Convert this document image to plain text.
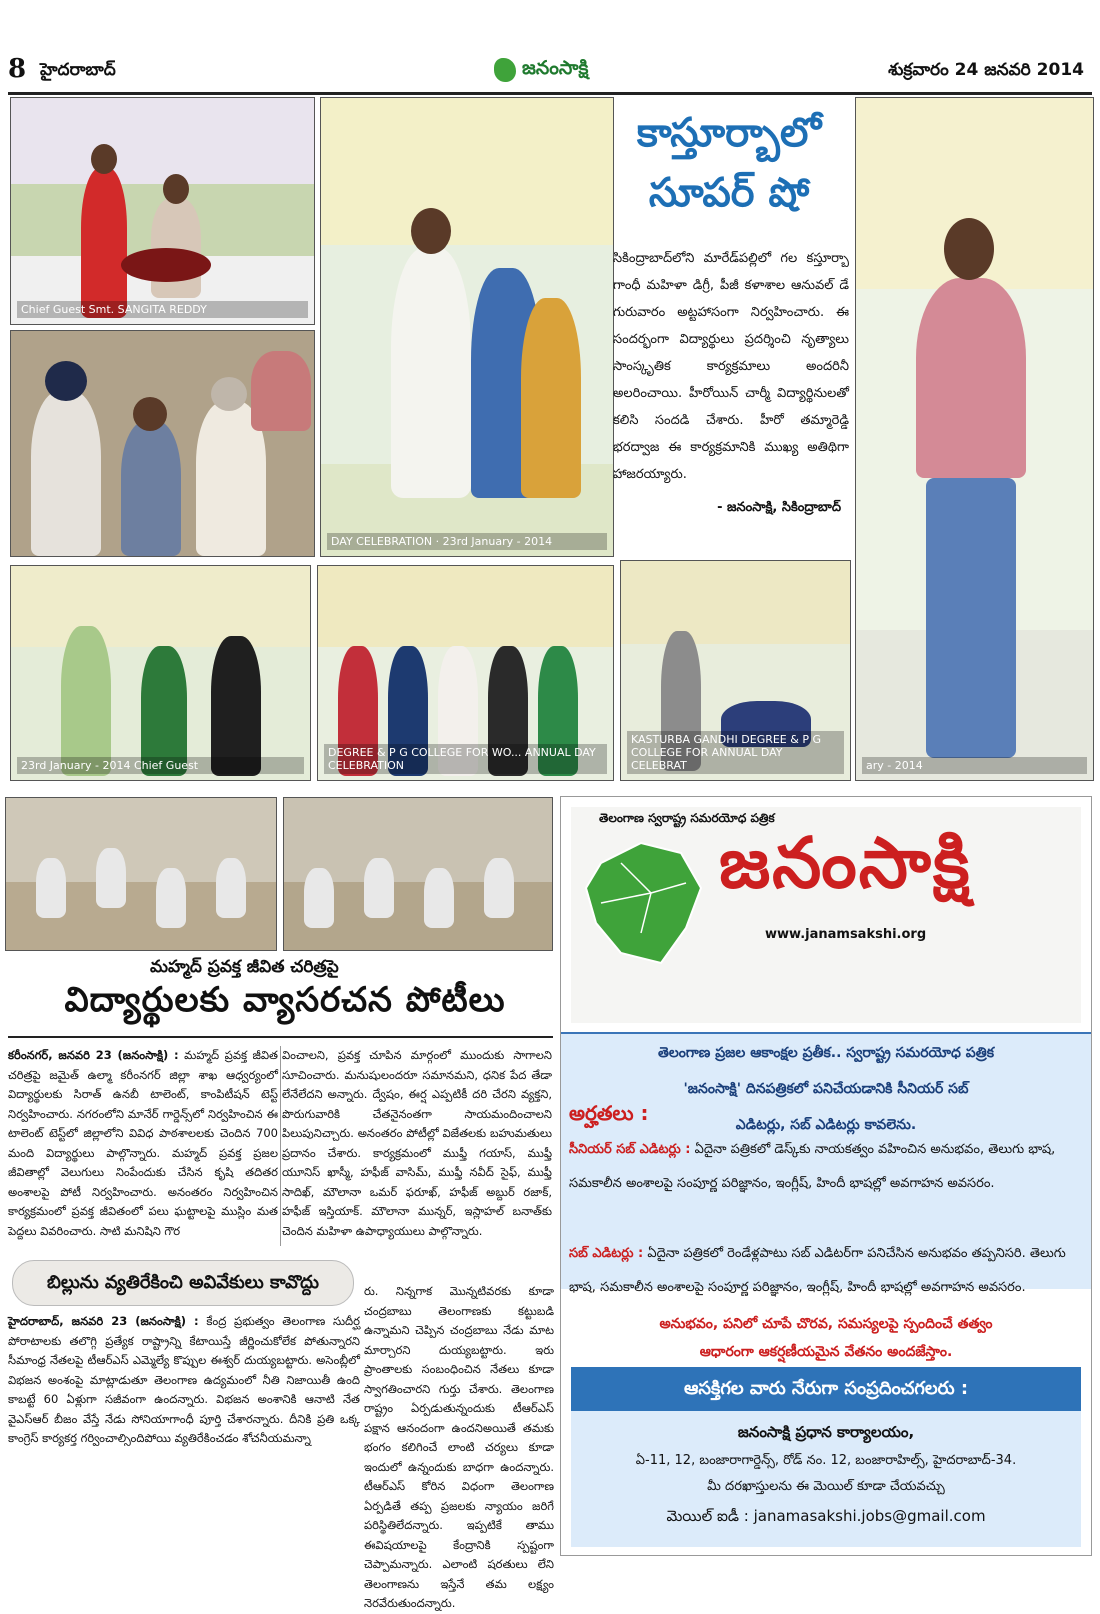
8 హైదరాబాద్	జనంసాక్షి	శుక్రవారం 24 జనవరి 2014
Chief Guest Smt. SANGITA REDDY
DAY CELEBRATION · 23rd January - 2014
కాస్తూర్బాలో
సూపర్ షో
సికింద్రాబాద్‌లోని మారేడ్‌పల్లిలో గల కస్తూర్బా గాంధీ మహిళా డిగ్రీ, పీజీ కళాశాల ఆనువల్ డే గురువారం అట్టహాసంగా నిర్వహించారు. ఈ సందర్భంగా విద్యార్థులు ప్రదర్శించి నృత్యాలు సాంస్కృతిక కార్యక్రమాలు అందరినీ అలరించాయి. హీరోయిన్ చార్మీ విద్యార్థినులతో కలిసి సందడి చేశారు. హీరో తమ్మారెడ్డి భరద్వాజ ఈ కార్యక్రమానికి ముఖ్య అతిథిగా హాజరయ్యారు.
- జనంసాక్షి, సికింద్రాబాద్
ary - 2014
23rd January - 2014 Chief Guest
DEGREE & P G COLLEGE FOR WO... ANNUAL DAY CELEBRATION
KASTURBA GANDHI DEGREE & P G COLLEGE FOR ANNUAL DAY CELEBRAT
మహ్మద్ ప్రవక్త జీవిత చరిత్రపై
విద్యార్థులకు వ్యాసరచన పోటీలు
కరీంనగర్, జనవరి 23 (జనంసాక్షి) : మహ్మద్ ప్రవక్త జీవిత చరిత్రపై జమైత్ ఉల్మా కరీంనగర్ జిల్లా శాఖ ఆధ్వర్యంలో విద్యార్థులకు సిరాత్ ఉనబీ టాలెంట్, కాంపిటీషన్ టెస్ట్ నిర్వహించారు. నగరంలోని మానేర్ గార్డెన్స్‌లో నిర్వహించిన ఈ టాలెంట్ టెస్ట్‌లో జిల్లాలోని వివిధ పాఠశాలలకు చెందిన 700 మంది విద్యార్థులు పాల్గొన్నారు. మహ్మద్ ప్రవక్త ప్రజల జీవితాల్లో వెలుగులు నింపేందుకు చేసిన కృషి తదితర అంశాలపై పోటీ నిర్వహించారు. అనంతరం నిర్వహించిన కార్యక్రమంలో ప్రవక్త జీవితంలో పలు ఘట్టాలపై ముస్లిం మత పెద్దలు వివరించారు. సాటి మనిషిని గౌర
వించాలని, ప్రవక్త చూపిన మార్గంలో ముందుకు సాగాలని సూచించారు. మనుషులందరూ సమానమని, ధనిక పేద తేడా లేనేలేదని అన్నారు. ద్వేషం, ఈర్ష ఎప్పటికీ దరి చేరని వ్యక్తని, పొరుగువారికి చేతనైనంతగా సాయమందించాలని పిలుపునిచ్చారు. అనంతరం పోటీల్లో విజేతలకు బహుమతులు ప్రదానం చేశారు. కార్యక్రమంలో ముఫ్తీ గయాస్, ముఫ్తీ యూనిస్ ఖాస్మీ, హఫీజ్ వాసిమ్, ముఫ్తీ నవీద్ సైఫ్, ముఫ్తీ సాదిఖ్, మౌలానా ఒమర్ ఫరూఖ్, హఫీజ్ అబ్దుర్ రజాక్, హఫీజ్ ఇస్తియాక్. మౌలానా మున్నర్, ఇస్లాహల్ బనాత్‌కు చెందిన మహిళా ఉపాధ్యాయులు పాల్గొన్నారు.
బిల్లును వ్యతిరేకించి అవివేకులు కావొద్దు
హైదరాబాద్, జనవరి 23 (జనంసాక్షి) : కేంద్ర ప్రభుత్వం తెలంగాణ సుదీర్ఘ పోరాటాలకు తలొగ్గి ప్రత్యేక రాష్ట్రాన్ని కేటాయిస్తే జీర్ణించుకోలేక పోతున్నారని సీమాంధ్ర నేతలపై టీఆర్ఎస్ ఎమ్మెల్యే కొప్పుల ఈశ్వర్ దుయ్యబట్టారు. అసెంబ్లీలో విభజన అంశంపై మాట్లాడుతూ తెలంగాణ ఉద్యమంలో నీతి నిజాయితీ ఉంది కాబట్టే 60 ఏళ్లుగా సజీవంగా ఉందన్నారు. విభజన అంశానికి ఆనాటి నేత వైఎస్ఆర్ బీజం వేస్తే నేడు సోనియాగాంధీ పూర్తి చేశారన్నారు. దీనికి ప్రతి ఒక్క కాంగ్రెస్ కార్యకర్త గర్వించాల్సిందిపోయి వ్యతిరేకించడం శోచనీయమన్నా
రు. నిన్నగాక మొన్నటివరకు కూడా చంద్రబాబు తెలంగాణకు కట్టుబడి ఉన్నామని చెప్పిన చంద్రబాబు నేడు మాట మార్చారని దుయ్యబట్టారు. ఇరు ప్రాంతాలకు సంబంధించిన నేతలు కూడా స్వాగతించారని గుర్తు చేశారు. తెలంగాణ రాష్ట్రం ఏర్పడుతున్నందుకు టీఆర్ఎస్ పక్షాన ఆనందంగా ఉందనిఅయితే తమకు భంగం కలిగించే లాంటి చర్యలు కూడా ఇందులో ఉన్నందుకు బాధగా ఉందన్నారు. టీఆర్ఎస్ కోరిన విధంగా తెలంగాణ ఏర్పడితే తప్ప ప్రజలకు న్యాయం జరిగే పరిస్థితిలేదన్నారు. ఇప్పటికే తాము ఈవిషయాలపై కేంద్రానికి స్పష్టంగా చెప్పామన్నారు. ఎలాంటి షరతులు లేని తెలంగాణను ఇస్తేనే తమ లక్ష్యం నెరవేరుతుందన్నారు.
తెలంగాణ స్వరాష్ట్ర సమరయోధ పత్రిక
జనంసాక్షి
www.janamsakshi.org
తెలంగాణ ప్రజల ఆకాంక్షల ప్రతీక.. స్వరాష్ట్ర సమరయోధ పత్రిక
'జనంసాక్షి' దినపత్రికలో పనిచేయడానికి సీనియర్ సబ్
ఎడిటర్లు, సబ్ ఎడిటర్లు కావలెను.
అర్హతలు :
సీనియర్ సబ్ ఎడిటర్లు : ఏదైనా పత్రికలో డెస్క్‌కు నాయకత్వం వహించిన అనుభవం, తెలుగు భాష, సమకాలీన అంశాలపై సంపూర్ణ పరిజ్ఞానం, ఇంగ్లీష్, హిందీ భాషల్లో అవగాహన అవసరం.
సబ్ ఎడిటర్లు : ఏదైనా పత్రికలో రెండేళ్లపాటు సబ్ ఎడిటర్‌గా పనిచేసిన అనుభవం తప్పనిసరి. తెలుగు భాష, సమకాలీన అంశాలపై సంపూర్ణ పరిజ్ఞానం, ఇంగ్లీష్, హిందీ భాషల్లో అవగాహన అవసరం.
అనుభవం, పనిలో చూపే చొరవ, సమస్యలపై స్పందించే తత్వం
ఆధారంగా ఆకర్షణీయమైన వేతనం అందజేస్తాం.
ఆసక్తిగల వారు నేరుగా సంప్రదించగలరు :
జనంసాక్షి ప్రధాన కార్యాలయం,
ఏ-11, 12, బంజారాగార్డెన్స్, రోడ్ నం. 12, బంజారాహిల్స్, హైదరాబాద్-34.
మీ దరఖాస్తులను ఈ మెయిల్ కూడా చేయవచ్చు
మెయిల్ ఐడీ : janamasakshi.jobs@gmail.com
